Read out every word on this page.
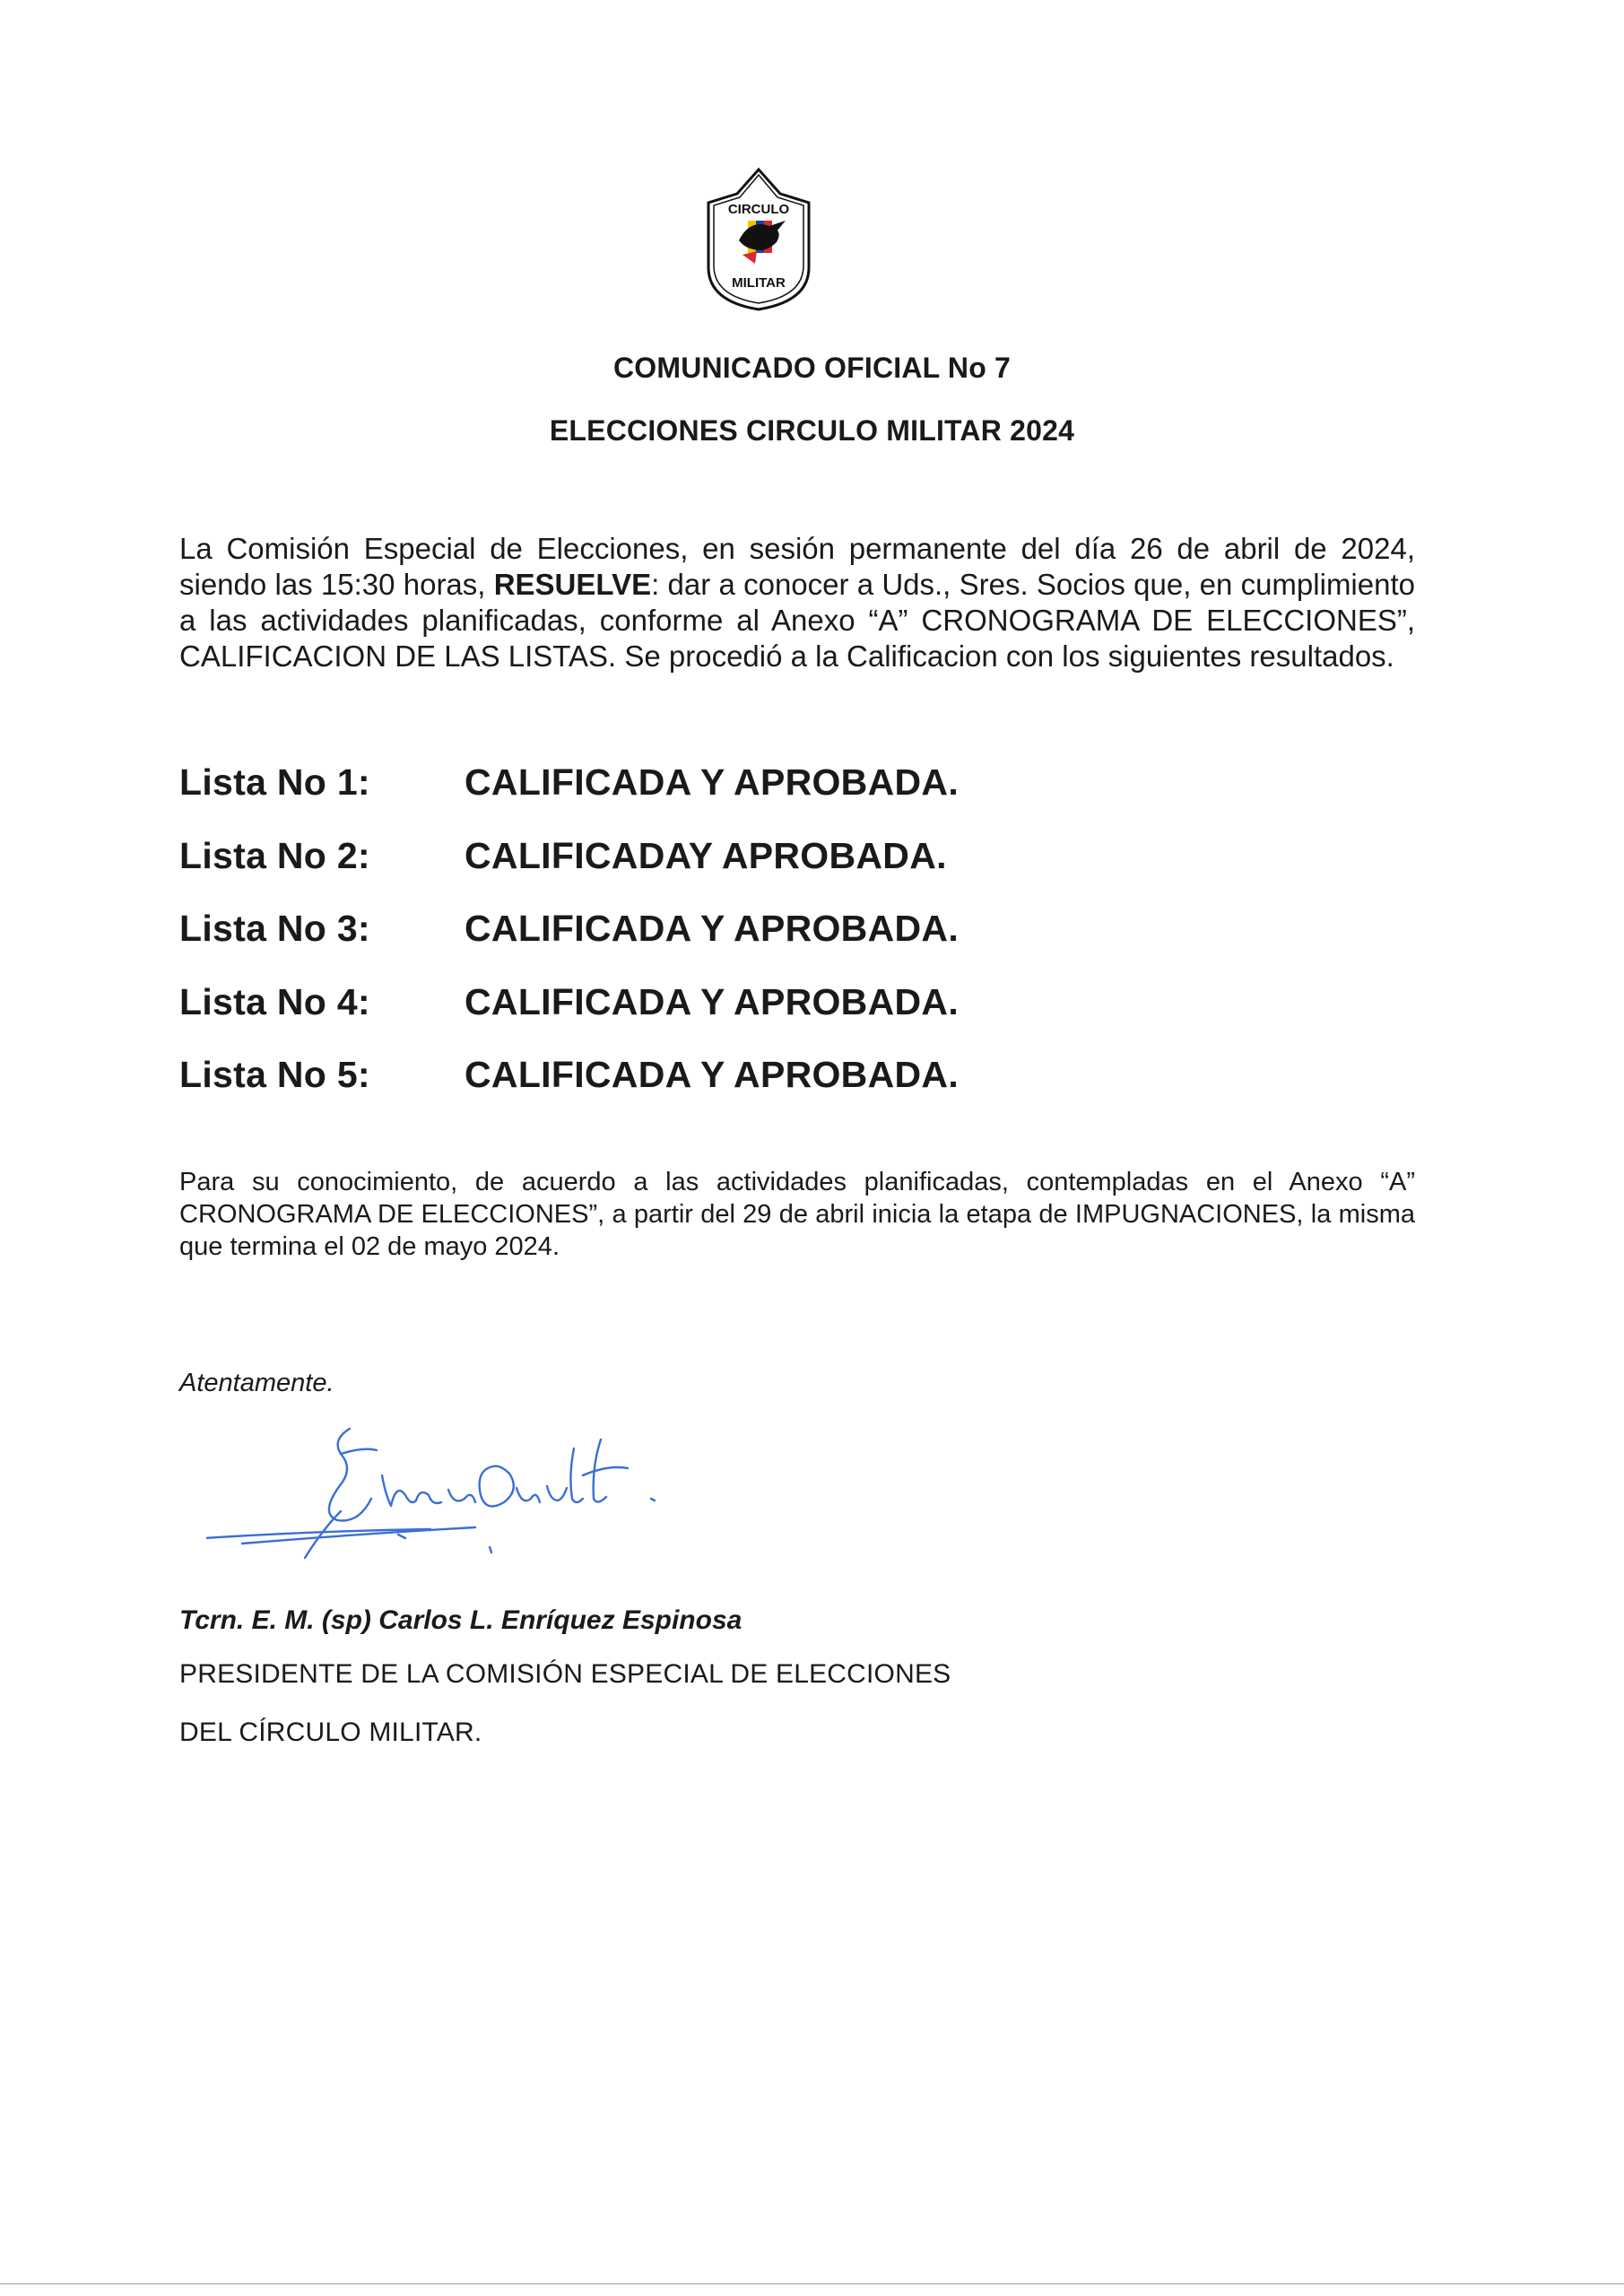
CIRCULO
MILITAR
COMUNICADO OFICIAL No 7
ELECCIONES CIRCULO MILITAR 2024
La Comisión Especial de Elecciones, en sesión permanente del día 26 de abril de 2024, siendo las 15:30 horas, RESUELVE: dar a conocer a Uds., Sres. Socios que, en cumplimiento a las actividades planificadas, conforme al Anexo “A” CRONOGRAMA DE ELECCIONES”, CALIFICACION DE LAS LISTAS. Se procedió a la Calificacion con los siguientes resultados.
Lista No 1:	CALIFICADA Y APROBADA.
Lista No 2:	CALIFICADAY APROBADA.
Lista No 3:	CALIFICADA Y APROBADA.
Lista No 4:	CALIFICADA Y APROBADA.
Lista No 5:	CALIFICADA Y APROBADA.
Para su conocimiento, de acuerdo a las actividades planificadas, contempladas en el Anexo “A” CRONOGRAMA DE ELECCIONES”, a partir del 29 de abril inicia la etapa de IMPUGNACIONES, la misma que termina el 02 de mayo 2024.
Atentamente.
Tcrn. E. M. (sp) Carlos L. Enríquez Espinosa
PRESIDENTE DE LA COMISIÓN ESPECIAL DE ELECCIONES
DEL CÍRCULO MILITAR.
